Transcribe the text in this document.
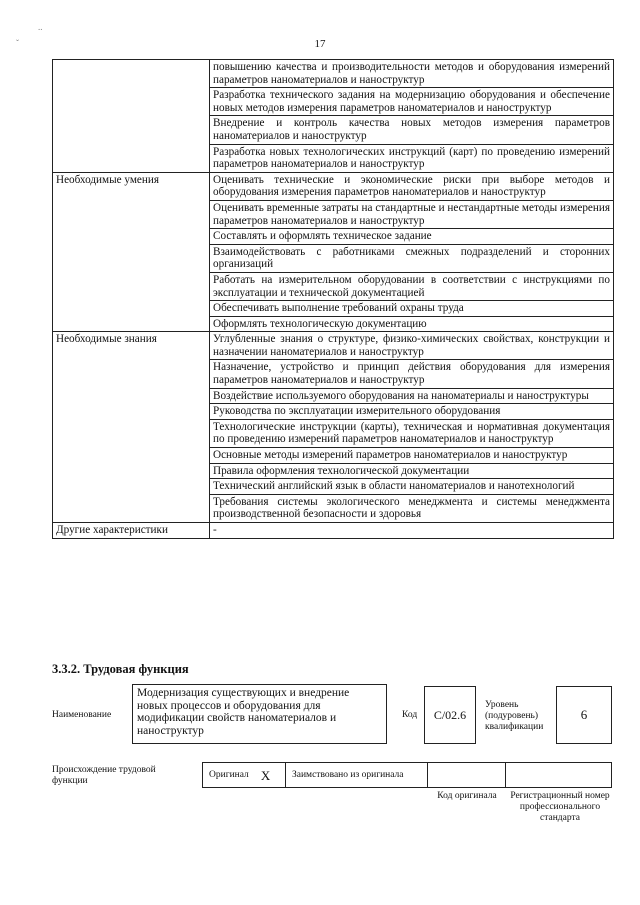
17
..
ˇ
	повышению качества и производительности методов и оборудования измерений параметров наноматериалов и наноструктур
	Разработка технического задания на модернизацию оборудования и обеспечение новых методов измерения параметров наноматериалов и наноструктур
	Внедрение и контроль качества новых методов измерения параметров наноматериалов и наноструктур
	Разработка новых технологических инструкций (карт) по проведению измерений параметров наноматериалов и наноструктур
Необходимые умения	Оценивать технические и экономические риски при выборе методов и оборудования измерения параметров наноматериалов и наноструктур
	Оценивать временные затраты на стандартные и нестандартные методы измерения параметров наноматериалов и наноструктур
	Составлять и оформлять техническое задание
	Взаимодействовать с работниками смежных подразделений и сторонних организаций
	Работать на измерительном оборудовании в соответствии с инструкциями по эксплуатации и технической документацией
	Обеспечивать выполнение требований охраны труда
	Оформлять технологическую документацию
Необходимые знания	Углубленные знания о структуре, физико-химических свойствах, конструкции и назначении наноматериалов и наноструктур
	Назначение, устройство и принцип действия оборудования для измерения параметров наноматериалов и наноструктур
	Воздействие используемого оборудования на наноматериалы и наноструктуры
	Руководства по эксплуатации измерительного оборудования
	Технологические инструкции (карты), техническая и нормативная документация по проведению измерений параметров наноматериалов и наноструктур
	Основные методы измерений параметров наноматериалов и наноструктур
	Правила оформления технологической документации
	Технический английский язык в области наноматериалов и нанотехнологий
	Требования системы экологического менеджмента и системы менеджмента производственной безопасности и здоровья
Другие характеристики	-
3.3.2. Трудовая функция
Наименование
Модернизация существующих и внедрение новых процессов и оборудования для модификации свойств наноматериалов и наноструктур
Код	C/02.6
Уровень (подуровень) квалификации
6
Происхождение трудовой функции
Оригинал X Заимствовано из оригинала
Код оригинала	Регистрационный номер профессионального стандарта
